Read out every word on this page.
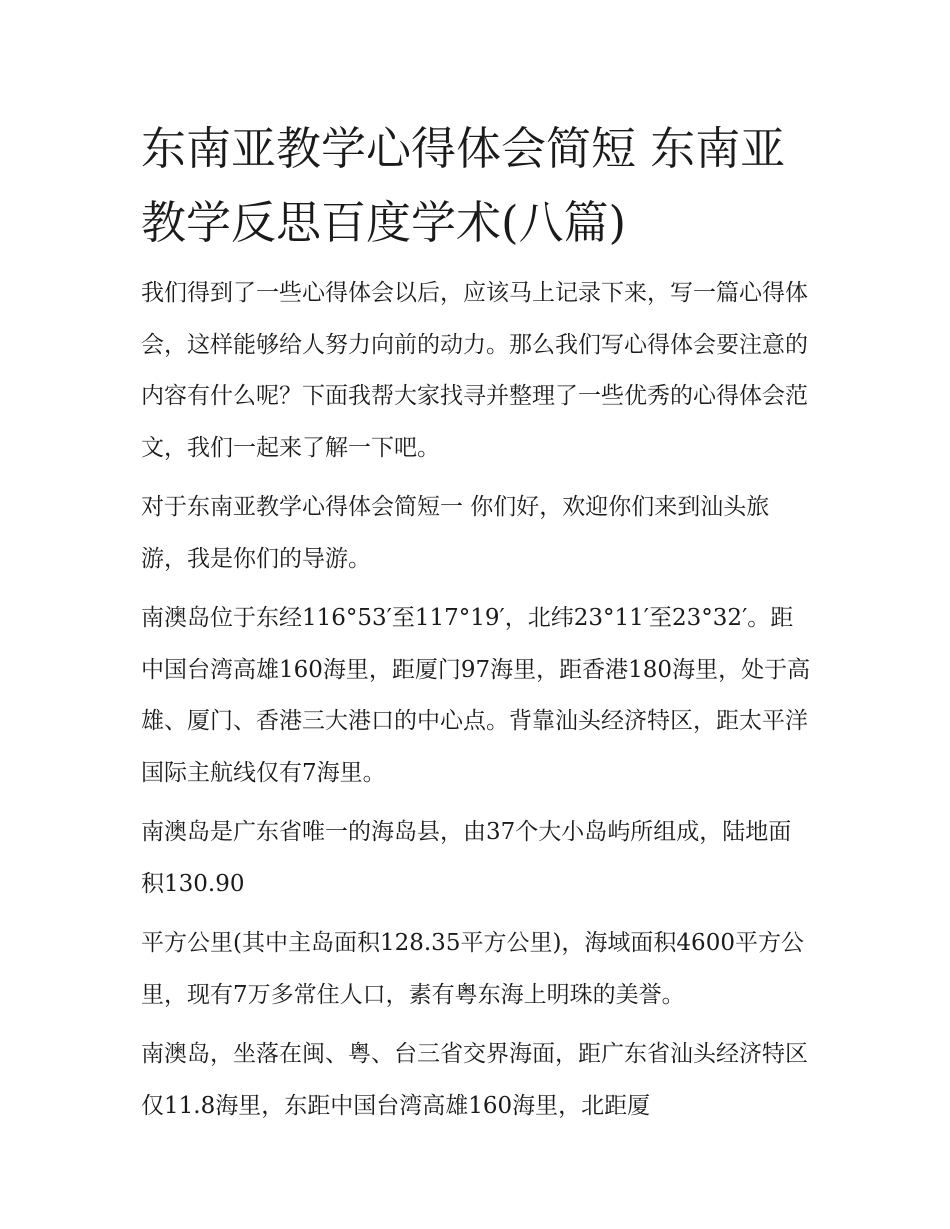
东南亚教学心得体会简短 东南亚教学反思百度学术(八篇)

我们得到了一些心得体会以后，应该马上记录下来，写一篇心得体会，这样能够给人努力向前的动力。那么我们写心得体会要注意的内容有什么呢？下面我帮大家找寻并整理了一些优秀的心得体会范文，我们一起来了解一下吧。

对于东南亚教学心得体会简短一 你们好，欢迎你们来到汕头旅游，我是你们的导游。

南澳岛位于东经116°53′至117°19′，北纬23°11′至23°32′。距中国台湾高雄160海里，距厦门97海里，距香港180海里，处于高雄、厦门、香港三大港口的中心点。背靠汕头经济特区，距太平洋国际主航线仅有7海里。

南澳岛是广东省唯一的海岛县，由37个大小岛屿所组成，陆地面积130.90

平方公里(其中主岛面积128.35平方公里)，海域面积4600平方公里，现有7万多常住人口，素有粤东海上明珠的美誉。

南澳岛，坐落在闽、粤、台三省交界海面，距广东省汕头经济特区仅11.8海里，东距中国台湾高雄160海里，北距厦
